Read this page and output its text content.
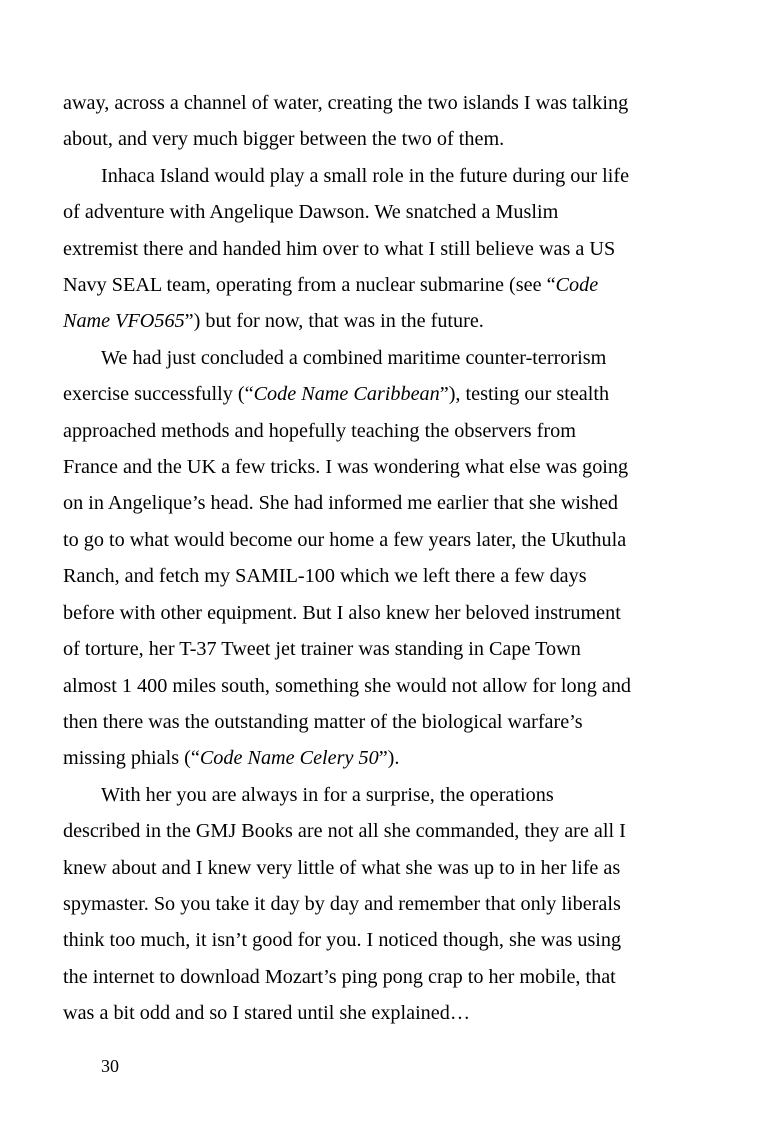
away, across a channel of water, creating the two islands I was talking
about, and very much bigger between the two of them.
Inhaca Island would play a small role in the future during our life
of adventure with Angelique Dawson. We snatched a Muslim
extremist there and handed him over to what I still believe was a US
Navy SEAL team, operating from a nuclear submarine (see “Code
Name VFO565”) but for now, that was in the future.
We had just concluded a combined maritime counter-terrorism
exercise successfully (“Code Name Caribbean”), testing our stealth
approached methods and hopefully teaching the observers from
France and the UK a few tricks. I was wondering what else was going
on in Angelique’s head. She had informed me earlier that she wished
to go to what would become our home a few years later, the Ukuthula
Ranch, and fetch my SAMIL-100 which we left there a few days
before with other equipment. But I also knew her beloved instrument
of torture, her T-37 Tweet jet trainer was standing in Cape Town
almost 1 400 miles south, something she would not allow for long and
then there was the outstanding matter of the biological warfare’s
missing phials (“Code Name Celery 50”).
With her you are always in for a surprise, the operations
described in the GMJ Books are not all she commanded, they are all I
knew about and I knew very little of what she was up to in her life as
spymaster. So you take it day by day and remember that only liberals
think too much, it isn’t good for you. I noticed though, she was using
the internet to download Mozart’s ping pong crap to her mobile, that
was a bit odd and so I stared until she explained…
30
